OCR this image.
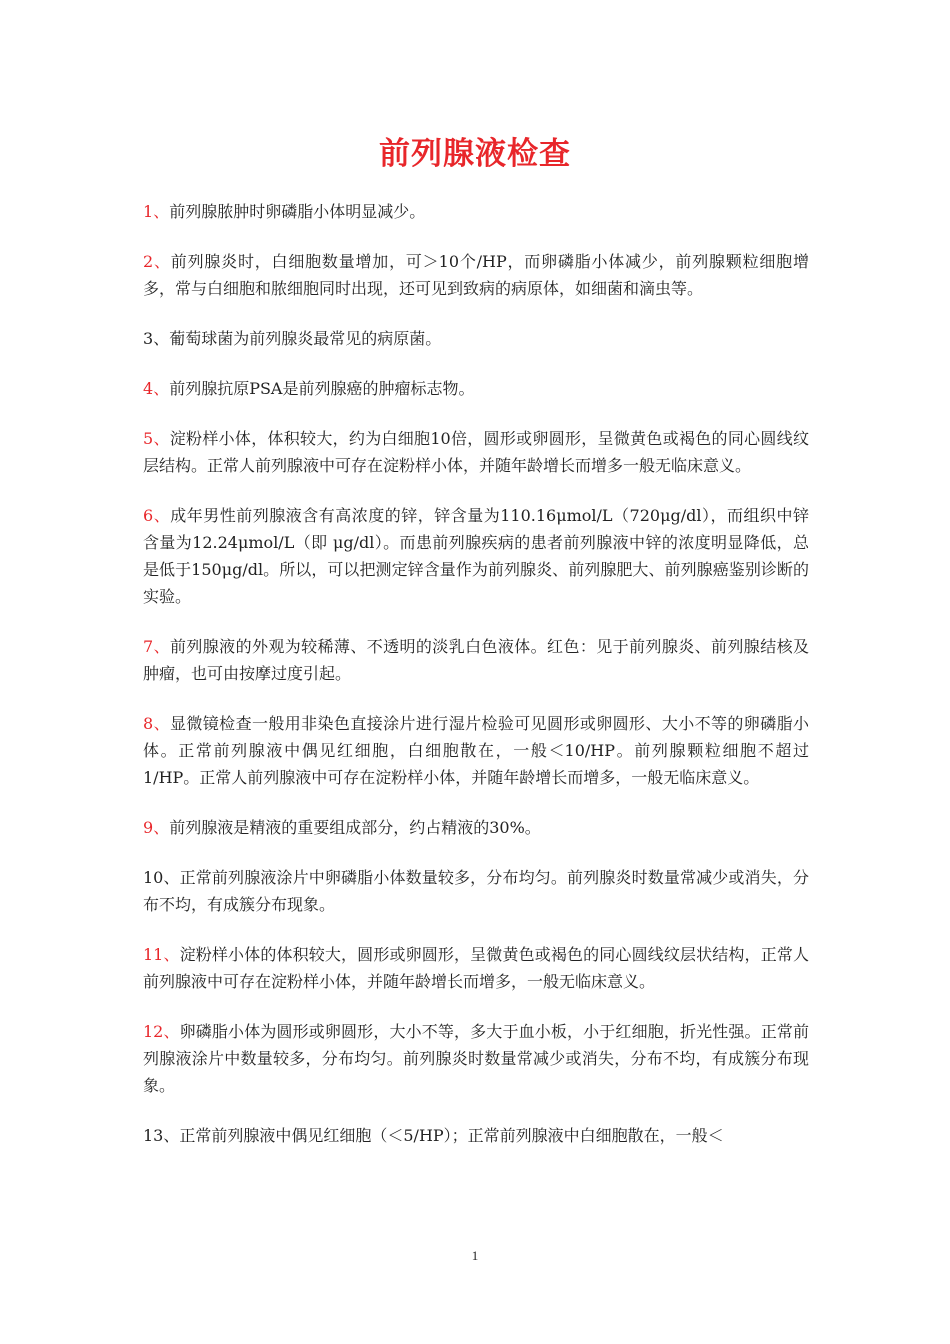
前列腺液检查

1、前列腺脓肿时卵磷脂小体明显减少。

2、前列腺炎时，白细胞数量增加，可＞10个/HP，而卵磷脂小体减少，前列腺颗粒细胞增多，常与白细胞和脓细胞同时出现，还可见到致病的病原体，如细菌和滴虫等。

3、葡萄球菌为前列腺炎最常见的病原菌。

4、前列腺抗原PSA是前列腺癌的肿瘤标志物。

5、淀粉样小体，体积较大，约为白细胞10倍，圆形或卵圆形，呈微黄色或褐色的同心圆线纹层结构。正常人前列腺液中可存在淀粉样小体，并随年龄增长而增多一般无临床意义。

6、成年男性前列腺液含有高浓度的锌，锌含量为110.16μmol/L（720μg/dl），而组织中锌含量为12.24μmol/L（即 μg/dl）。而患前列腺疾病的患者前列腺液中锌的浓度明显降低，总是低于150μg/dl。所以，可以把测定锌含量作为前列腺炎、前列腺肥大、前列腺癌鉴别诊断的实验。

7、前列腺液的外观为较稀薄、不透明的淡乳白色液体。红色：见于前列腺炎、前列腺结核及肿瘤，也可由按摩过度引起。

8、显微镜检查一般用非染色直接涂片进行湿片检验可见圆形或卵圆形、大小不等的卵磷脂小体。正常前列腺液中偶见红细胞，白细胞散在，一般＜10/HP。前列腺颗粒细胞不超过1/HP。正常人前列腺液中可存在淀粉样小体，并随年龄增长而增多，一般无临床意义。

9、前列腺液是精液的重要组成部分，约占精液的30%。

10、正常前列腺液涂片中卵磷脂小体数量较多，分布均匀。前列腺炎时数量常减少或消失，分布不均，有成簇分布现象。

11、淀粉样小体的体积较大，圆形或卵圆形，呈微黄色或褐色的同心圆线纹层状结构，正常人前列腺液中可存在淀粉样小体，并随年龄增长而增多，一般无临床意义。

12、卵磷脂小体为圆形或卵圆形，大小不等，多大于血小板，小于红细胞，折光性强。正常前列腺液涂片中数量较多，分布均匀。前列腺炎时数量常减少或消失，分布不均，有成簇分布现象。

13、正常前列腺液中偶见红细胞（＜5/HP）；正常前列腺液中白细胞散在，一般＜

1
